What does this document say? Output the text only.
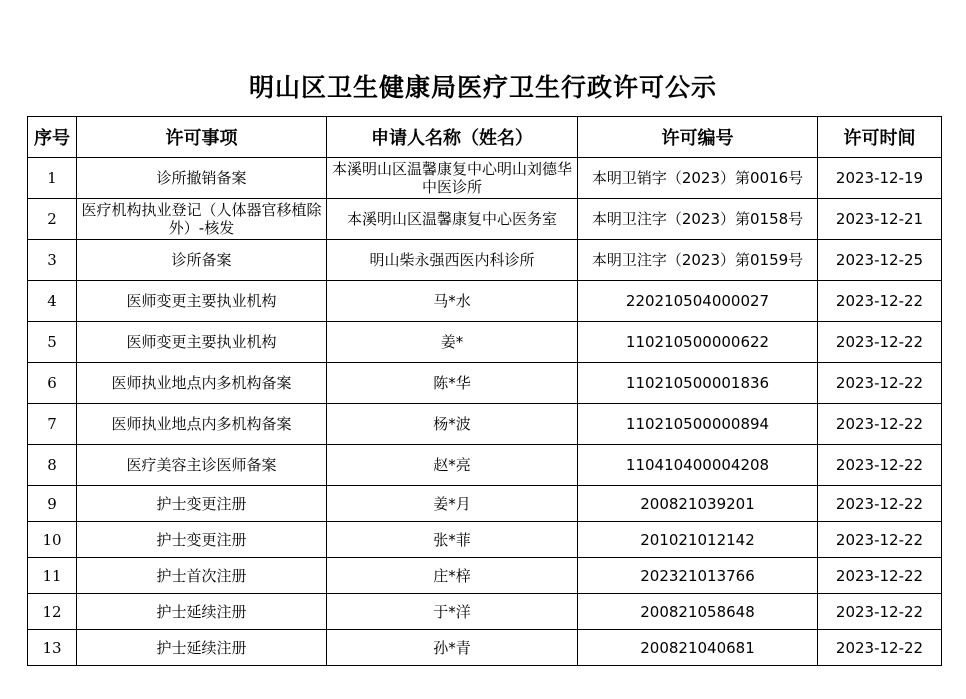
明山区卫生健康局医疗卫生行政许可公示
序号	许可事项	申请人名称（姓名）	许可编号	许可时间
1	诊所撤销备案	本溪明山区温馨康复中心明山刘德华中医诊所	本明卫销字（2023）第0016号	2023-12-19
2	医疗机构执业登记（人体器官移植除外）-核发	本溪明山区温馨康复中心医务室	本明卫注字（2023）第0158号	2023-12-21
3	诊所备案	明山柴永强西医内科诊所	本明卫注字（2023）第0159号	2023-12-25
4	医师变更主要执业机构	马*水	220210504000027	2023-12-22
5	医师变更主要执业机构	姜*	110210500000622	2023-12-22
6	医师执业地点内多机构备案	陈*华	110210500001836	2023-12-22
7	医师执业地点内多机构备案	杨*波	110210500000894	2023-12-22
8	医疗美容主诊医师备案	赵*亮	110410400004208	2023-12-22
9	护士变更注册	姜*月	200821039201	2023-12-22
10	护士变更注册	张*菲	201021012142	2023-12-22
11	护士首次注册	庄*梓	202321013766	2023-12-22
12	护士延续注册	于*洋	200821058648	2023-12-22
13	护士延续注册	孙*青	200821040681	2023-12-22
